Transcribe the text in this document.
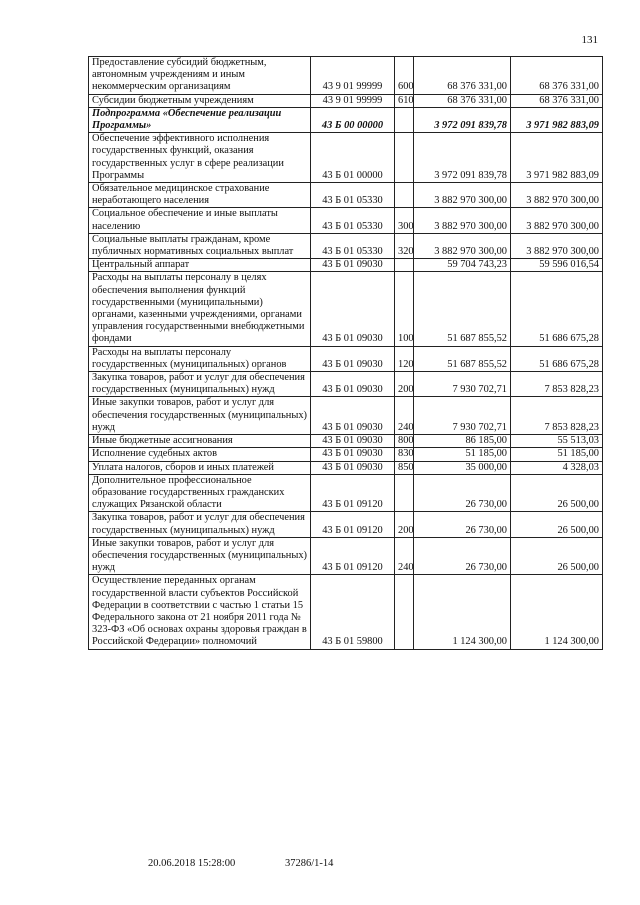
131
Предоставление субсидий бюджетным, автономным учреждениям и иным некоммерческим организациям	43 9 01 99999	600	68 376 331,00	68 376 331,00
Субсидии бюджетным учреждениям	43 9 01 99999	610	68 376 331,00	68 376 331,00
Подпрограмма «Обеспечение реализации Программы»	43 Б 00 00000		3 972 091 839,78	3 971 982 883,09
Обеспечение эффективного исполнения государственных функций, оказания государственных услуг в сфере реализации Программы	43 Б 01 00000		3 972 091 839,78	3 971 982 883,09
Обязательное медицинское страхование неработающего населения	43 Б 01 05330		3 882 970 300,00	3 882 970 300,00
Социальное обеспечение и иные выплаты населению	43 Б 01 05330	300	3 882 970 300,00	3 882 970 300,00
Социальные выплаты гражданам, кроме публичных нормативных социальных выплат	43 Б 01 05330	320	3 882 970 300,00	3 882 970 300,00
Центральный аппарат	43 Б 01 09030		59 704 743,23	59 596 016,54
Расходы на выплаты персоналу в целях обеспечения выполнения функций государственными (муниципальными) органами, казенными учреждениями, органами управления государственными внебюджетными фондами	43 Б 01 09030	100	51 687 855,52	51 686 675,28
Расходы на выплаты персоналу государственных (муниципальных) органов	43 Б 01 09030	120	51 687 855,52	51 686 675,28
Закупка товаров, работ и услуг для обеспечения государственных (муниципальных) нужд	43 Б 01 09030	200	7 930 702,71	7 853 828,23
Иные закупки товаров, работ и услуг для обеспечения государственных (муниципальных) нужд	43 Б 01 09030	240	7 930 702,71	7 853 828,23
Иные бюджетные ассигнования	43 Б 01 09030	800	86 185,00	55 513,03
Исполнение судебных актов	43 Б 01 09030	830	51 185,00	51 185,00
Уплата налогов, сборов и иных платежей	43 Б 01 09030	850	35 000,00	4 328,03
Дополнительное профессиональное образование государственных гражданских служащих Рязанской области	43 Б 01 09120		26 730,00	26 500,00
Закупка товаров, работ и услуг для обеспечения государственных (муниципальных) нужд	43 Б 01 09120	200	26 730,00	26 500,00
Иные закупки товаров, работ и услуг для обеспечения государственных (муниципальных) нужд	43 Б 01 09120	240	26 730,00	26 500,00
Осуществление переданных органам государственной власти субъектов Российской Федерации в соответствии с частью 1 статьи 15 Федерального закона от 21 ноября 2011 года № 323-ФЗ «Об основах охраны здоровья граждан в Российской Федерации» полномочий	43 Б 01 59800		1 124 300,00	1 124 300,00
20.06.2018 15:28:00	37286/1-14
